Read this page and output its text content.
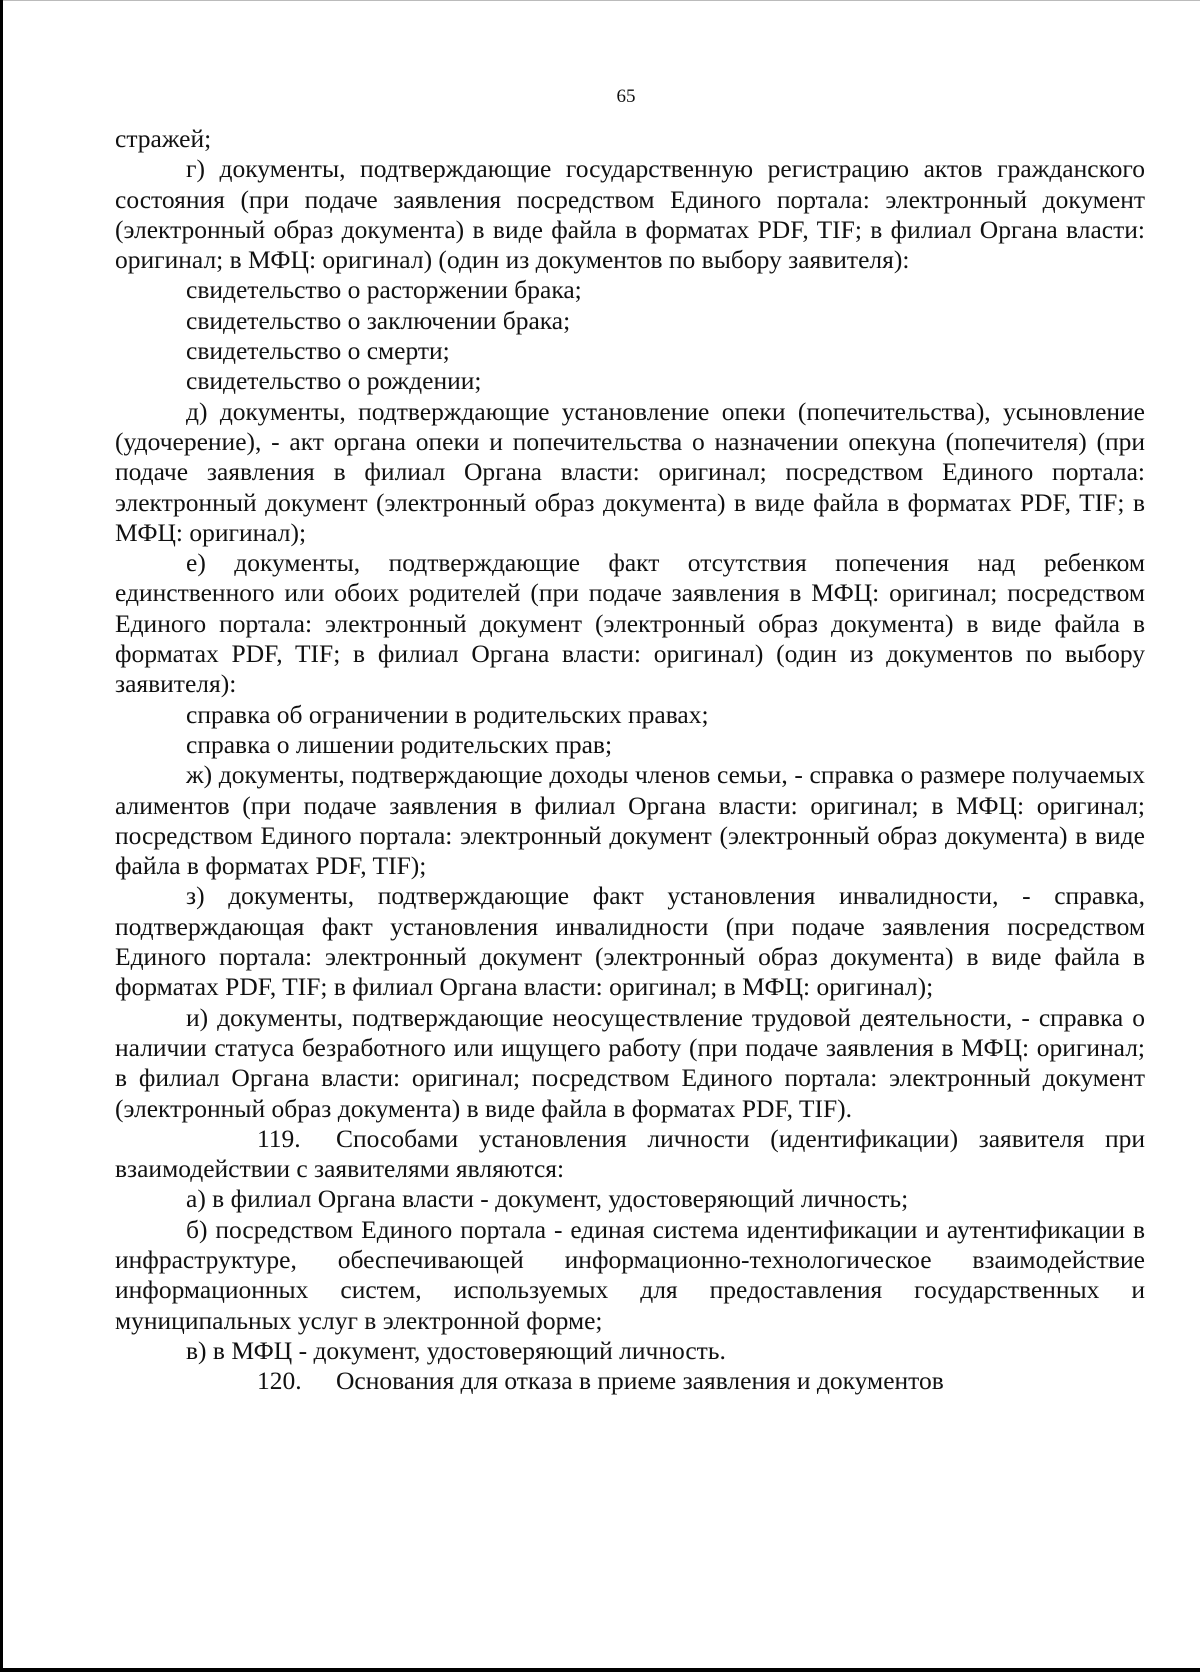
65

стражей;

г) документы, подтверждающие государственную регистрацию актов гражданского состояния (при подаче заявления посредством Единого портала: электронный документ (электронный образ документа) в виде файла в форматах PDF, TIF; в филиал Органа власти: оригинал; в МФЦ: оригинал) (один из документов по выбору заявителя):

свидетельство о расторжении брака;

свидетельство о заключении брака;

свидетельство о смерти;

свидетельство о рождении;

д) документы, подтверждающие установление опеки (попечительства), усыновление (удочерение), - акт органа опеки и попечительства о назначении опекуна (попечителя) (при подаче заявления в филиал Органа власти: оригинал; посредством Единого портала: электронный документ (электронный образ документа) в виде файла в форматах PDF, TIF; в МФЦ: оригинал);

е) документы, подтверждающие факт отсутствия попечения над ребенком единственного или обоих родителей (при подаче заявления в МФЦ: оригинал; посредством Единого портала: электронный документ (электронный образ документа) в виде файла в форматах PDF, TIF; в филиал Органа власти: оригинал) (один из документов по выбору заявителя):

справка об ограничении в родительских правах;

справка о лишении родительских прав;

ж) документы, подтверждающие доходы членов семьи, - справка о размере получаемых алиментов (при подаче заявления в филиал Органа власти: оригинал; в МФЦ: оригинал; посредством Единого портала: электронный документ (электронный образ документа) в виде файла в форматах PDF, TIF);

з) документы, подтверждающие факт установления инвалидности, - справка, подтверждающая факт установления инвалидности (при подаче заявления посредством Единого портала: электронный документ (электронный образ документа) в виде файла в форматах PDF, TIF; в филиал Органа власти: оригинал; в МФЦ: оригинал);

и) документы, подтверждающие неосуществление трудовой деятельности, - справка о наличии статуса безработного или ищущего работу (при подаче заявления в МФЦ: оригинал; в филиал Органа власти: оригинал; посредством Единого портала: электронный документ (электронный образ документа) в виде файла в форматах PDF, TIF).

119. Способами установления личности (идентификации) заявителя при взаимодействии с заявителями являются:

а) в филиал Органа власти - документ, удостоверяющий личность;

б) посредством Единого портала - единая система идентификации и аутентификации в инфраструктуре, обеспечивающей информационно-технологическое взаимодействие информационных систем, используемых для предоставления государственных и муниципальных услуг в электронной форме;

в) в МФЦ - документ, удостоверяющий личность.

120. Основания для отказа в приеме заявления и документов
